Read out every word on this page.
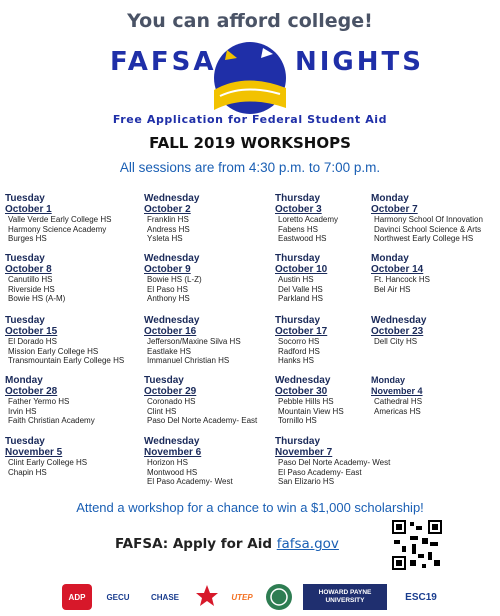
You can afford college!
FAFSA	NIGHTS
Free Application for Federal Student Aid
FALL 2019 WORKSHOPS
All sessions are from 4:30 p.m. to 7:00 p.m.
Tuesday
October 1
Valle Verde Early College HS
Harmony Science Academy
Burges HS
Wednesday
October 2
Franklin HS
Andress HS
Ysleta HS
Thursday
October 3
Loretto Academy
Fabens HS
Eastwood HS
Monday
October 7
Harmony School Of Innovation
Davinci School Science & Arts
Northwest Early College HS
Tuesday
October 8
Canutillo HS
Riverside HS
Bowie HS (A-M)
Wednesday
October 9
Bowie HS (L-Z)
El Paso HS
Anthony HS
Thursday
October 10
Austin HS
Del Valle HS
Parkland HS
Monday
October 14
Ft. Hancock HS
Bel Air HS
Tuesday
October 15
El Dorado HS
Mission Early College HS
Transmountain Early College HS
Wednesday
October 16
Jefferson/Maxine Silva HS
Eastlake HS
Immanuel Christian HS
Thursday
October 17
Socorro HS
Radford HS
Hanks HS
Wednesday
October 23
Dell City HS
Monday
October 28
Father Yermo HS
Irvin HS
Faith Christian Academy
Tuesday
October 29
Coronado HS
Clint HS
Paso Del Norte Academy- East
Wednesday
October 30
Pebble Hills HS
Mountain View HS
Tornillo HS
Monday
November 4
Cathedral HS
Americas HS
Tuesday
November 5
Clint Early College HS
Chapin HS
Wednesday
November 6
Horizon HS
Montwood HS
El Paso Academy- West
Thursday
November 7
Paso Del Norte Academy- West
El Paso Academy- East
San Elizario HS
Attend a workshop for a chance to win a $1,000 scholarship!
FAFSA: Apply for Aid fafsa.gov
ADP	GECU	CHASE	UTEP	HOWARD PAYNE UNIVERSITY	ESC19
